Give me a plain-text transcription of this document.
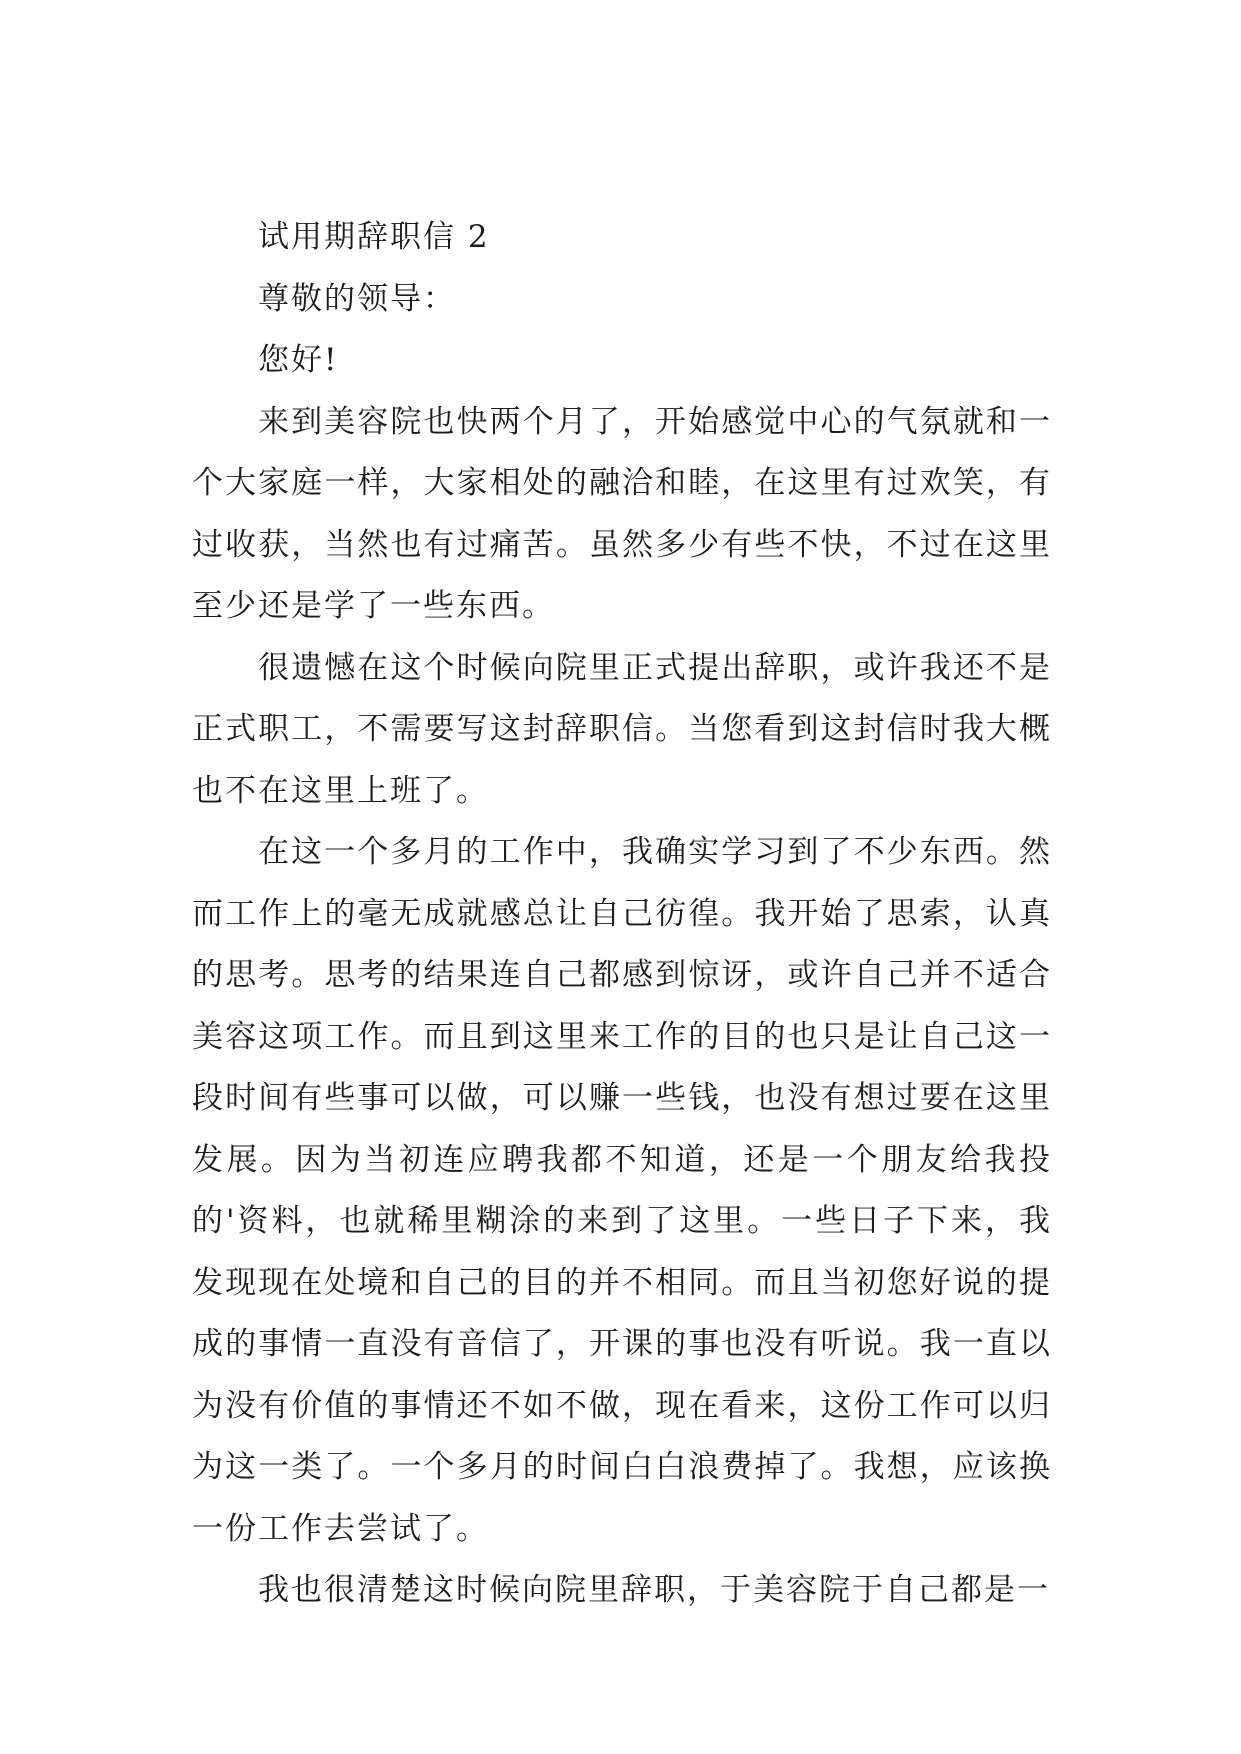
试用期辞职信 2

尊敬的领导：

您好!

来到美容院也快两个月了，开始感觉中心的气氛就和一个大家庭一样，大家相处的融洽和睦，在这里有过欢笑，有过收获，当然也有过痛苦。虽然多少有些不快，不过在这里至少还是学了一些东西。

很遗憾在这个时候向院里正式提出辞职，或许我还不是正式职工，不需要写这封辞职信。当您看到这封信时我大概也不在这里上班了。

在这一个多月的工作中，我确实学习到了不少东西。然而工作上的毫无成就感总让自己彷徨。我开始了思索，认真的思考。思考的结果连自己都感到惊讶，或许自己并不适合美容这项工作。而且到这里来工作的目的也只是让自己这一段时间有些事可以做，可以赚一些钱，也没有想过要在这里发展。因为当初连应聘我都不知道，还是一个朋友给我投的'资料，也就稀里糊涂的来到了这里。一些日子下来，我发现现在处境和自己的目的并不相同。而且当初您好说的提成的事情一直没有音信了，开课的事也没有听说。我一直以为没有价值的事情还不如不做，现在看来，这份工作可以归为这一类了。一个多月的时间白白浪费掉了。我想，应该换一份工作去尝试了。

我也很清楚这时候向院里辞职，于美容院于自己都是一
